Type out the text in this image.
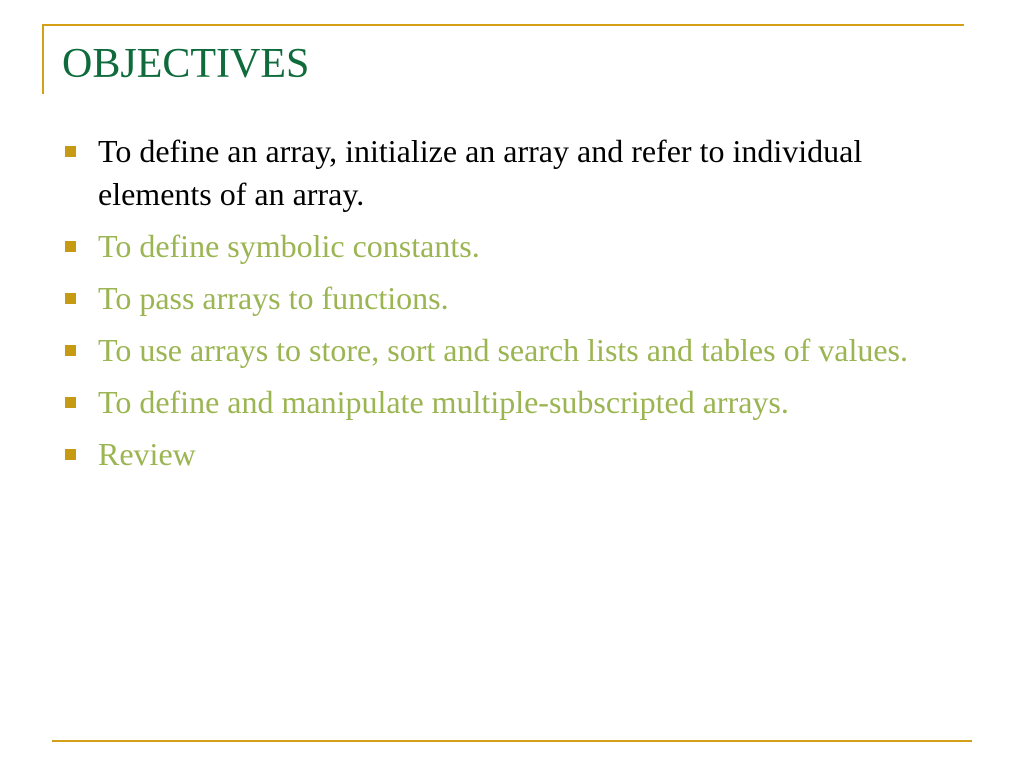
OBJECTIVES
To define an array, initialize an array and refer to individual elements of an array.
To define symbolic constants.
To pass arrays to functions.
To use arrays to store, sort and search lists and tables of values.
To define and manipulate multiple-subscripted arrays.
Review
